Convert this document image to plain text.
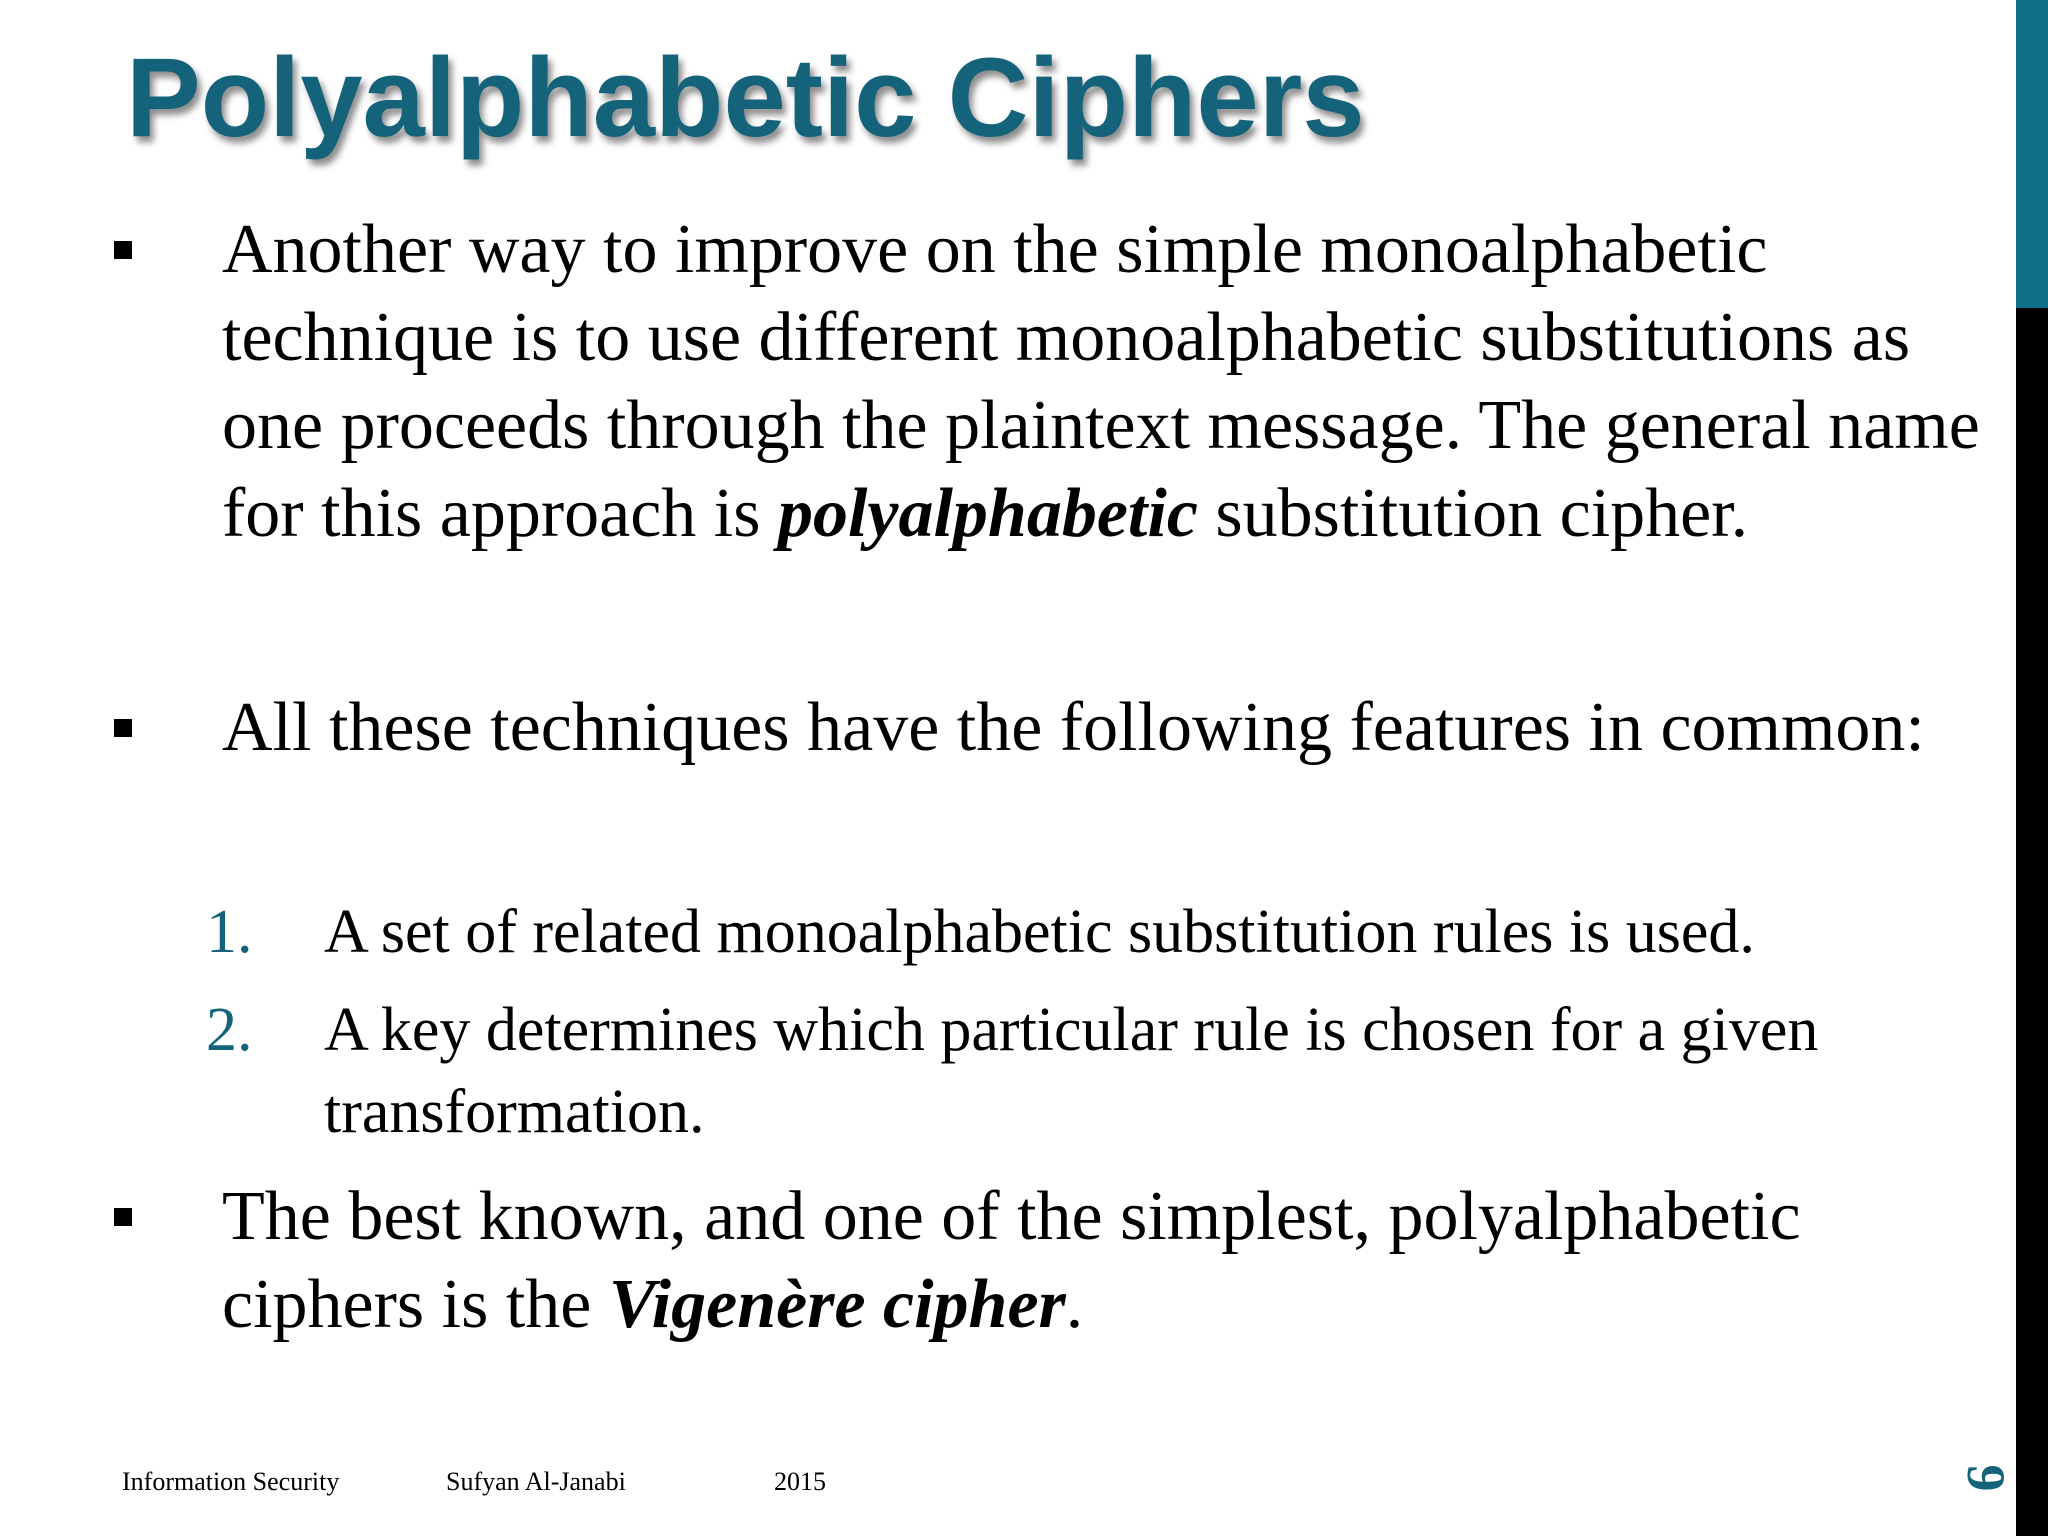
Polyalphabetic Ciphers
Another way to improve on the simple monoalphabetic technique is to use different monoalphabetic substitutions as one proceeds through the plaintext message. The general name for this approach is polyalphabetic substitution cipher.
All these techniques have the following features in common:
1. A set of related monoalphabetic substitution rules is used.
2. A key determines which particular rule is chosen for a given transformation.
The best known, and one of the simplest, polyalphabetic ciphers is the Vigenère cipher.
Information Security	Sufyan Al-Janabi	2015	9
